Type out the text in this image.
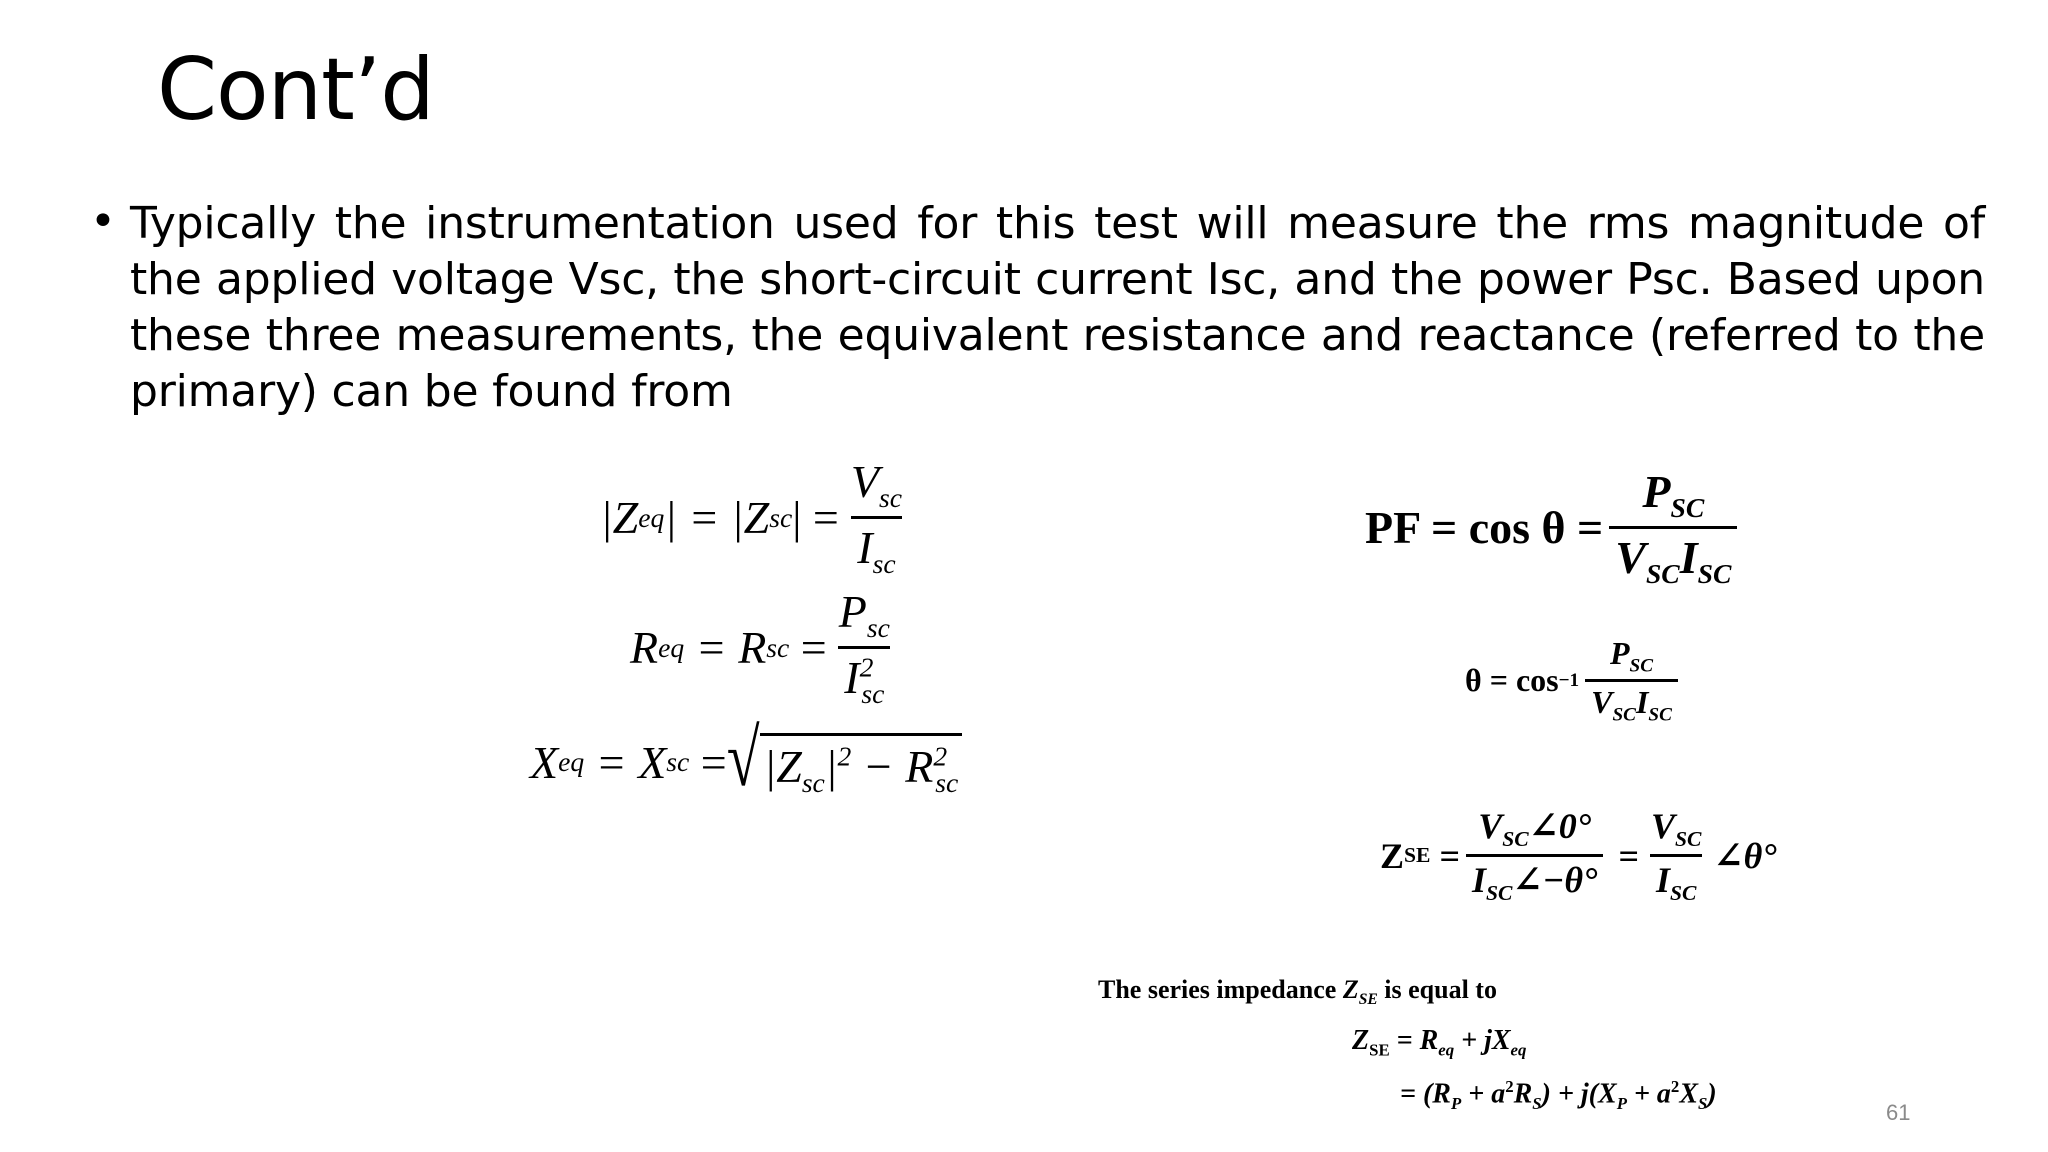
Cont’d
• Typically the instrumentation used for this test will measure the rms magnitude of the applied voltage Vsc, the short-circuit current Isc, and the power Psc. Based upon these three measurements, the equivalent resistance and reactance (referred to the primary) can be found from
|Z eq | = |Z sc | = $\frac{V_{sc}}{I_{sc}}$
R eq = R sc = $\frac{P_{sc}}{I^2_{sc}}$
X eq = X sc = √ $|Z_{sc}|^2 - R^2_{sc}$
PF = $\cos \theta = \frac{P_{SC}}{V_{SC}I_{SC}}$
$\theta = \cos -1 \frac{P_{SC}}{V_{SC}I_{SC}}$
Z SE = $\frac{V_{SC}\angle 0^\circ}{I_{SC}\angle-\theta^\circ} = \frac{V_{SC}}{I_{SC}}$ ∠θ°
The series impedance $Z_{SE}$ is equal to
$Z_{SE} = R_{eq} + jX_{eq}$
= $(R_P + a^2R_S) + j(X_P + a^2X_S)$
61
